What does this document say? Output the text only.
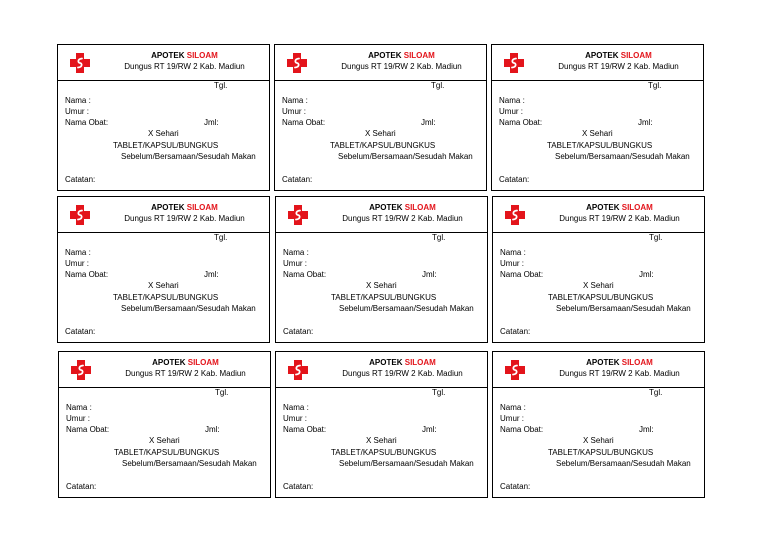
APOTEK SILOAM
Dungus RT 19/RW 2 Kab. Madiun
Tgl.
Nama :
Umur :
Nama Obat:	Jml:
X Sehari
TABLET/KAPSUL/BUNGKUS
Sebelum/Bersamaan/Sesudah Makan
Catatan:
APOTEK SILOAM
Dungus RT 19/RW 2 Kab. Madiun
Tgl.
Nama :
Umur :
Nama Obat:	Jml:
X Sehari
TABLET/KAPSUL/BUNGKUS
Sebelum/Bersamaan/Sesudah Makan
Catatan:
APOTEK SILOAM
Dungus RT 19/RW 2 Kab. Madiun
Tgl.
Nama :
Umur :
Nama Obat:	Jml:
X Sehari
TABLET/KAPSUL/BUNGKUS
Sebelum/Bersamaan/Sesudah Makan
Catatan:
APOTEK SILOAM
Dungus RT 19/RW 2 Kab. Madiun
Tgl.
Nama :
Umur :
Nama Obat:	Jml:
X Sehari
TABLET/KAPSUL/BUNGKUS
Sebelum/Bersamaan/Sesudah Makan
Catatan:
APOTEK SILOAM
Dungus RT 19/RW 2 Kab. Madiun
Tgl.
Nama :
Umur :
Nama Obat:	Jml:
X Sehari
TABLET/KAPSUL/BUNGKUS
Sebelum/Bersamaan/Sesudah Makan
Catatan:
APOTEK SILOAM
Dungus RT 19/RW 2 Kab. Madiun
Tgl.
Nama :
Umur :
Nama Obat:	Jml:
X Sehari
TABLET/KAPSUL/BUNGKUS
Sebelum/Bersamaan/Sesudah Makan
Catatan:
APOTEK SILOAM
Dungus RT 19/RW 2 Kab. Madiun
Tgl.
Nama :
Umur :
Nama Obat:	Jml:
X Sehari
TABLET/KAPSUL/BUNGKUS
Sebelum/Bersamaan/Sesudah Makan
Catatan:
APOTEK SILOAM
Dungus RT 19/RW 2 Kab. Madiun
Tgl.
Nama :
Umur :
Nama Obat:	Jml:
X Sehari
TABLET/KAPSUL/BUNGKUS
Sebelum/Bersamaan/Sesudah Makan
Catatan:
APOTEK SILOAM
Dungus RT 19/RW 2 Kab. Madiun
Tgl.
Nama :
Umur :
Nama Obat:	Jml:
X Sehari
TABLET/KAPSUL/BUNGKUS
Sebelum/Bersamaan/Sesudah Makan
Catatan:
